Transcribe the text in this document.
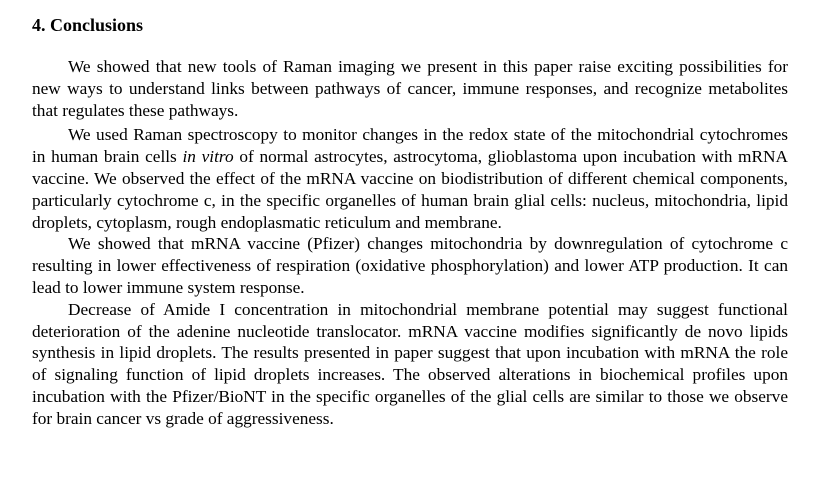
4. Conclusions

We showed that new tools of Raman imaging we present in this paper raise exciting possibilities for new ways to understand links between pathways of cancer, immune responses, and recognize metabolites that regulates these pathways.

We used Raman spectroscopy to monitor changes in the redox state of the mitochondrial cytochromes in human brain cells in vitro of normal astrocytes, astrocytoma, glioblastoma upon incubation with mRNA vaccine. We observed the effect of the mRNA vaccine on biodistribution of different chemical components, particularly cytochrome c, in the specific organelles of human brain glial cells: nucleus, mitochondria, lipid droplets, cytoplasm, rough endoplasmatic reticulum and membrane.

We showed that mRNA vaccine (Pfizer) changes mitochondria by downregulation of cytochrome c resulting in lower effectiveness of respiration (oxidative phosphorylation) and lower ATP production. It can lead to lower immune system response.

Decrease of Amide I concentration in mitochondrial membrane potential may suggest functional deterioration of the adenine nucleotide translocator. mRNA vaccine modifies significantly de novo lipids synthesis in lipid droplets. The results presented in paper suggest that upon incubation with mRNA the role of signaling function of lipid droplets increases. The observed alterations in biochemical profiles upon incubation with the Pfizer/BioNT in the specific organelles of the glial cells are similar to those we observe for brain cancer vs grade of aggressiveness.
